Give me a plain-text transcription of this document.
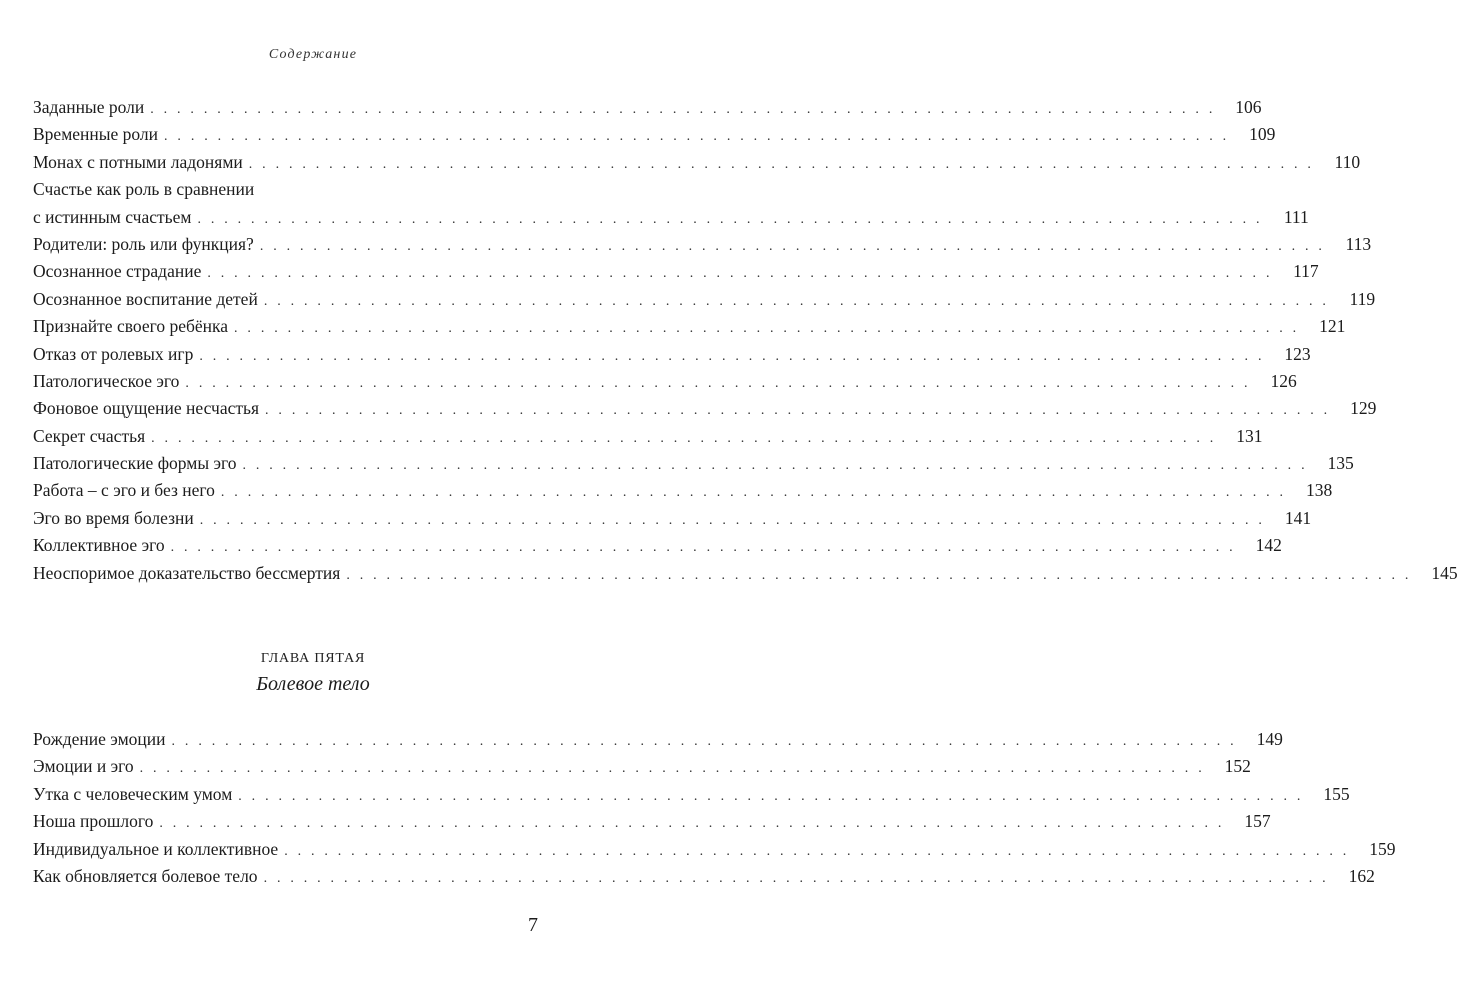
Содержание
Заданные роли . . . . . . . . . . . . . . . . . . . . . . . . . . . . . . . . . . . . . . . . . . . . . . . . . . . . . . . . . . . . . . . . . . . . . . . . . . . . . . . .	106
Временные роли . . . . . . . . . . . . . . . . . . . . . . . . . . . . . . . . . . . . . . . . . . . . . . . . . . . . . . . . . . . . . . . . . . . . . . . . . . . . . . . .	109
Монах с потными ладонями . . . . . . . . . . . . . . . . . . . . . . . . . . . . . . . . . . . . . . . . . . . . . . . . . . . . . . . . . . . . . . . . . . . . . . . . . . . . . . . .	110
Счастье как роль в сравнении
с истинным счастьем . . . . . . . . . . . . . . . . . . . . . . . . . . . . . . . . . . . . . . . . . . . . . . . . . . . . . . . . . . . . . . . . . . . . . . . . . . . . . . . .	111
Родители: роль или функция? . . . . . . . . . . . . . . . . . . . . . . . . . . . . . . . . . . . . . . . . . . . . . . . . . . . . . . . . . . . . . . . . . . . . . . . . . . . . . . . .	113
Осознанное страдание . . . . . . . . . . . . . . . . . . . . . . . . . . . . . . . . . . . . . . . . . . . . . . . . . . . . . . . . . . . . . . . . . . . . . . . . . . . . . . . .	117
Осознанное воспитание детей . . . . . . . . . . . . . . . . . . . . . . . . . . . . . . . . . . . . . . . . . . . . . . . . . . . . . . . . . . . . . . . . . . . . . . . . . . . . . . . .	119
Признайте своего ребёнка . . . . . . . . . . . . . . . . . . . . . . . . . . . . . . . . . . . . . . . . . . . . . . . . . . . . . . . . . . . . . . . . . . . . . . . . . . . . . . . .	121
Отказ от ролевых игр . . . . . . . . . . . . . . . . . . . . . . . . . . . . . . . . . . . . . . . . . . . . . . . . . . . . . . . . . . . . . . . . . . . . . . . . . . . . . . . .	123
Патологическое эго . . . . . . . . . . . . . . . . . . . . . . . . . . . . . . . . . . . . . . . . . . . . . . . . . . . . . . . . . . . . . . . . . . . . . . . . . . . . . . . .	126
Фоновое ощущение несчастья . . . . . . . . . . . . . . . . . . . . . . . . . . . . . . . . . . . . . . . . . . . . . . . . . . . . . . . . . . . . . . . . . . . . . . . . . . . . . . . .	129
Секрет счастья . . . . . . . . . . . . . . . . . . . . . . . . . . . . . . . . . . . . . . . . . . . . . . . . . . . . . . . . . . . . . . . . . . . . . . . . . . . . . . . .	131
Патологические формы эго . . . . . . . . . . . . . . . . . . . . . . . . . . . . . . . . . . . . . . . . . . . . . . . . . . . . . . . . . . . . . . . . . . . . . . . . . . . . . . . .	135
Работа – с эго и без него . . . . . . . . . . . . . . . . . . . . . . . . . . . . . . . . . . . . . . . . . . . . . . . . . . . . . . . . . . . . . . . . . . . . . . . . . . . . . . . .	138
Эго во время болезни . . . . . . . . . . . . . . . . . . . . . . . . . . . . . . . . . . . . . . . . . . . . . . . . . . . . . . . . . . . . . . . . . . . . . . . . . . . . . . . .	141
Коллективное эго . . . . . . . . . . . . . . . . . . . . . . . . . . . . . . . . . . . . . . . . . . . . . . . . . . . . . . . . . . . . . . . . . . . . . . . . . . . . . . . .	142
Неоспоримое доказательство бессмертия . . . . . . . . . . . . . . . . . . . . . . . . . . . . . . . . . . . . . . . . . . . . . . . . . . . . . . . . . . . . . . . . . . . . . . . . . . . . . . . .	145
ГЛАВА ПЯТАЯ
Болевое тело
Рождение эмоции . . . . . . . . . . . . . . . . . . . . . . . . . . . . . . . . . . . . . . . . . . . . . . . . . . . . . . . . . . . . . . . . . . . . . . . . . . . . . . . .	149
Эмоции и эго . . . . . . . . . . . . . . . . . . . . . . . . . . . . . . . . . . . . . . . . . . . . . . . . . . . . . . . . . . . . . . . . . . . . . . . . . . . . . . . .	152
Утка с человеческим умом . . . . . . . . . . . . . . . . . . . . . . . . . . . . . . . . . . . . . . . . . . . . . . . . . . . . . . . . . . . . . . . . . . . . . . . . . . . . . . . .	155
Ноша прошлого . . . . . . . . . . . . . . . . . . . . . . . . . . . . . . . . . . . . . . . . . . . . . . . . . . . . . . . . . . . . . . . . . . . . . . . . . . . . . . . .	157
Индивидуальное и коллективное . . . . . . . . . . . . . . . . . . . . . . . . . . . . . . . . . . . . . . . . . . . . . . . . . . . . . . . . . . . . . . . . . . . . . . . . . . . . . . . .	159
Как обновляется болевое тело . . . . . . . . . . . . . . . . . . . . . . . . . . . . . . . . . . . . . . . . . . . . . . . . . . . . . . . . . . . . . . . . . . . . . . . . . . . . . . . .	162
7
